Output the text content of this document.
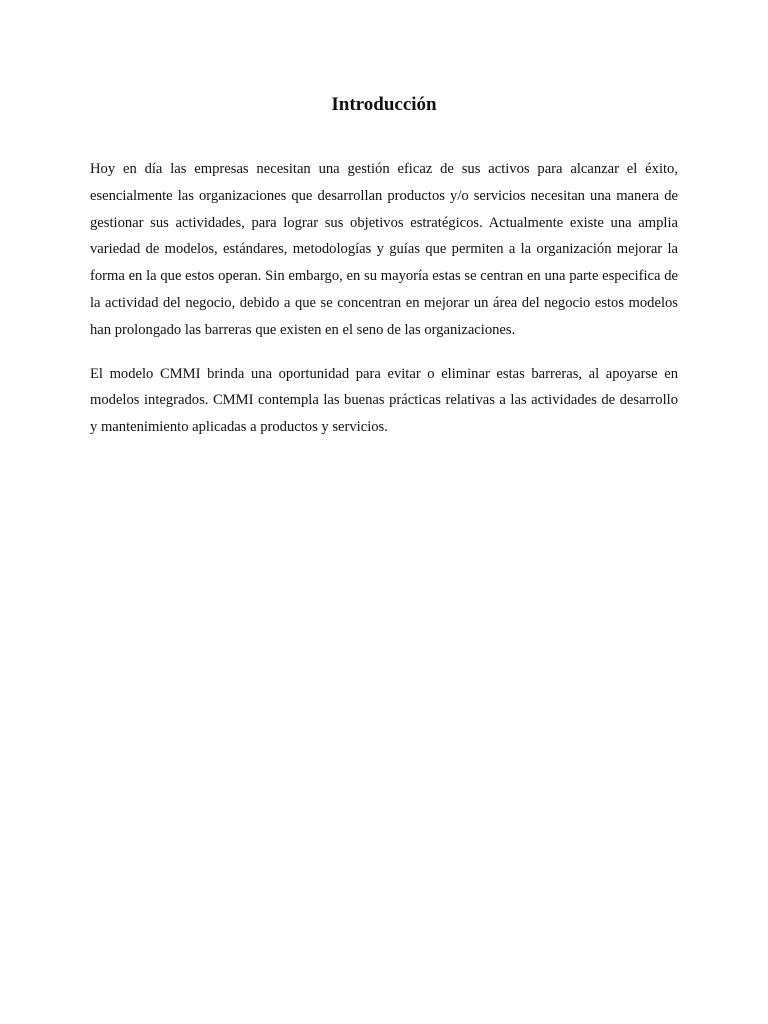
Introducción

Hoy en día las empresas necesitan una gestión eficaz de sus activos para alcanzar el éxito, esencialmente las organizaciones que desarrollan productos y/o servicios necesitan una manera de gestionar sus actividades, para lograr sus objetivos estratégicos. Actualmente existe una amplia variedad de modelos, estándares, metodologías y guías que permiten a la organización mejorar la forma en la que estos operan. Sin embargo, en su mayoría estas se centran en una parte especifica de la actividad del negocio, debido a que se concentran en mejorar un área del negocio estos modelos han prolongado las barreras que existen en el seno de las organizaciones.

El modelo CMMI brinda una oportunidad para evitar o eliminar estas barreras, al apoyarse en modelos integrados. CMMI contempla las buenas prácticas relativas a las actividades de desarrollo y mantenimiento aplicadas a productos y servicios.
